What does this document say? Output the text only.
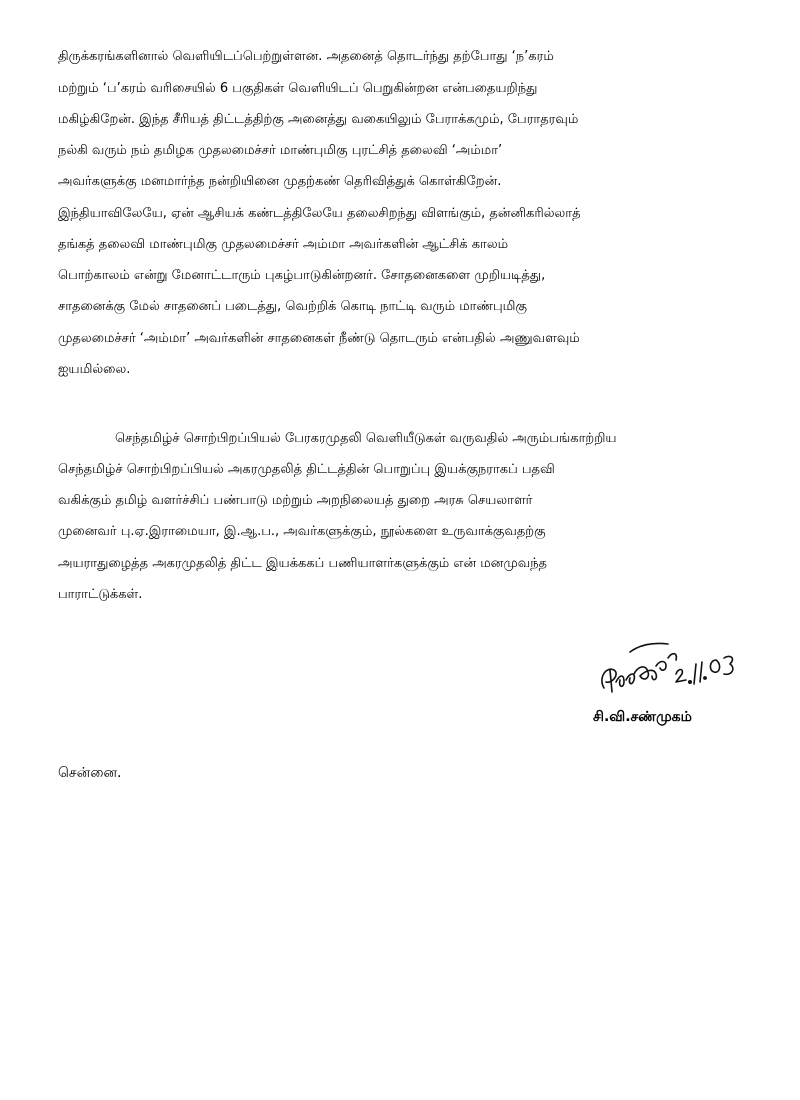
திருக்கரங்களினால் வெளியிடப்பெற்றுள்ளன. அதனைத் தொடர்ந்து தற்போது ‘ந’கரம்
மற்றும் ‘ப’கரம் வரிசையில் 6 பகுதிகள் வெளியிடப் பெறுகின்றன என்பதையறிந்து
மகிழ்கிறேன். இந்த சீரியத் திட்டத்திற்கு அனைத்து வகையிலும் பேராக்கமும், பேராதரவும்
நல்கி வரும் நம் தமிழக முதலமைச்சர் மாண்புமிகு புரட்சித் தலைவி ‘அம்மா’
அவர்களுக்கு மனமார்ந்த நன்றியினை முதற்கண் தெரிவித்துக் கொள்கிறேன்.
இந்தியாவிலேயே, ஏன் ஆசியக் கண்டத்திலேயே தலைசிறந்து விளங்கும், தன்னிகரில்லாத்
தங்கத் தலைவி மாண்புமிகு முதலமைச்சர் அம்மா அவர்களின் ஆட்சிக் காலம்
பொற்காலம் என்று மேனாட்டாரும் புகழ்பாடுகின்றனர். சோதனைகளை முறியடித்து,
சாதனைக்கு மேல் சாதனைப் படைத்து, வெற்றிக் கொடி நாட்டி வரும் மாண்புமிகு
முதலமைச்சர் ‘அம்மா’ அவர்களின் சாதனைகள் நீண்டு தொடரும் என்பதில் அணுவளவும்
ஐயமில்லை.
செந்தமிழ்ச் சொற்பிறப்பியல் பேரகரமுதலி வெளியீடுகள் வருவதில் அரும்பங்காற்றிய
செந்தமிழ்ச் சொற்பிறப்பியல் அகரமுதலித் திட்டத்தின் பொறுப்பு இயக்குநராகப் பதவி
வகிக்கும் தமிழ் வளர்ச்சிப் பண்பாடு மற்றும் அறநிலையத் துறை அரசு செயலாளர்
முனைவர் பு.ஏ.இராமையா, இ.ஆ.ப., அவர்களுக்கும், நூல்களை உருவாக்குவதற்கு
அயராதுழைத்த அகரமுதலித் திட்ட இயக்ககப் பணியாளர்களுக்கும் என் மனமுவந்த
பாராட்டுக்கள்.
சி.வி.சண்முகம்
சென்னை.
